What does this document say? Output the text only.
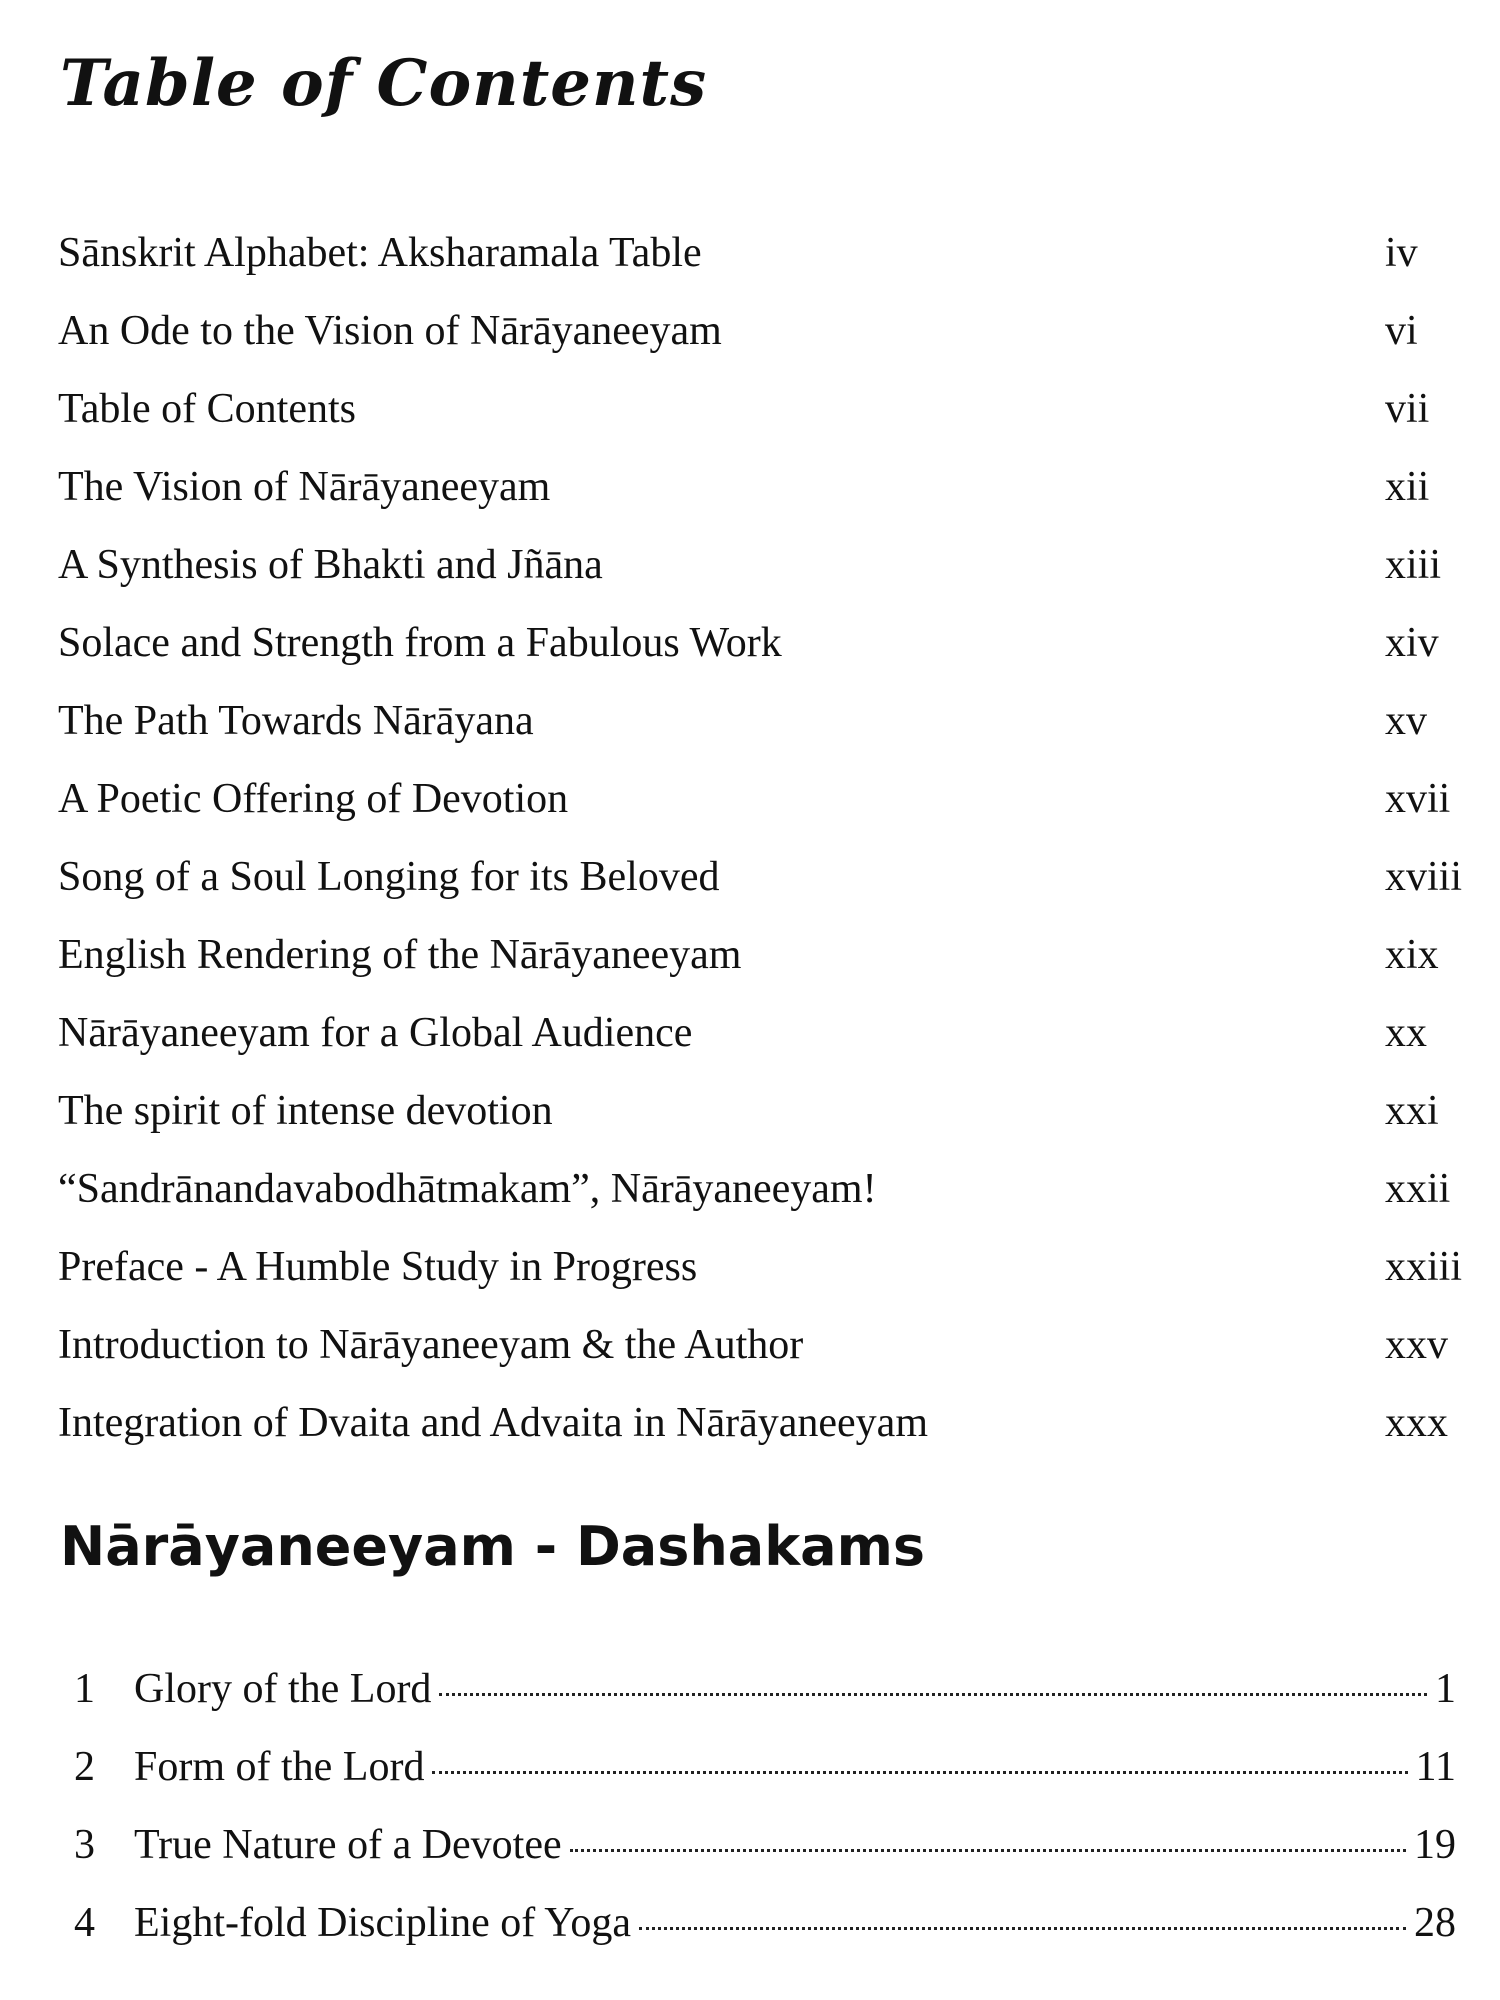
Table of Contents
Sānskrit Alphabet: Aksharamala Table	iv
An Ode to the Vision of Nārāyaneeyam	vi
Table of Contents	vii
The Vision of Nārāyaneeyam	xii
A Synthesis of Bhakti and Jñāna	xiii
Solace and Strength from a Fabulous Work	xiv
The Path Towards Nārāyana	xv
A Poetic Offering of Devotion	xvii
Song of a Soul Longing for its Beloved	xviii
English Rendering of the Nārāyaneeyam	xix
Nārāyaneeyam for a Global Audience	xx
The spirit of intense devotion	xxi
“Sandrānandavabodhātmakam”, Nārāyaneeyam!	xxii
Preface - A Humble Study in Progress	xxiii
Introduction to Nārāyaneeyam & the Author	xxv
Integration of Dvaita and Advaita in Nārāyaneeyam	xxx
Nārāyaneeyam - Dashakams
1 Glory of the Lord	1
2 Form of the Lord	11
3 True Nature of a Devotee	19
4 Eight-fold Discipline of Yoga	28
